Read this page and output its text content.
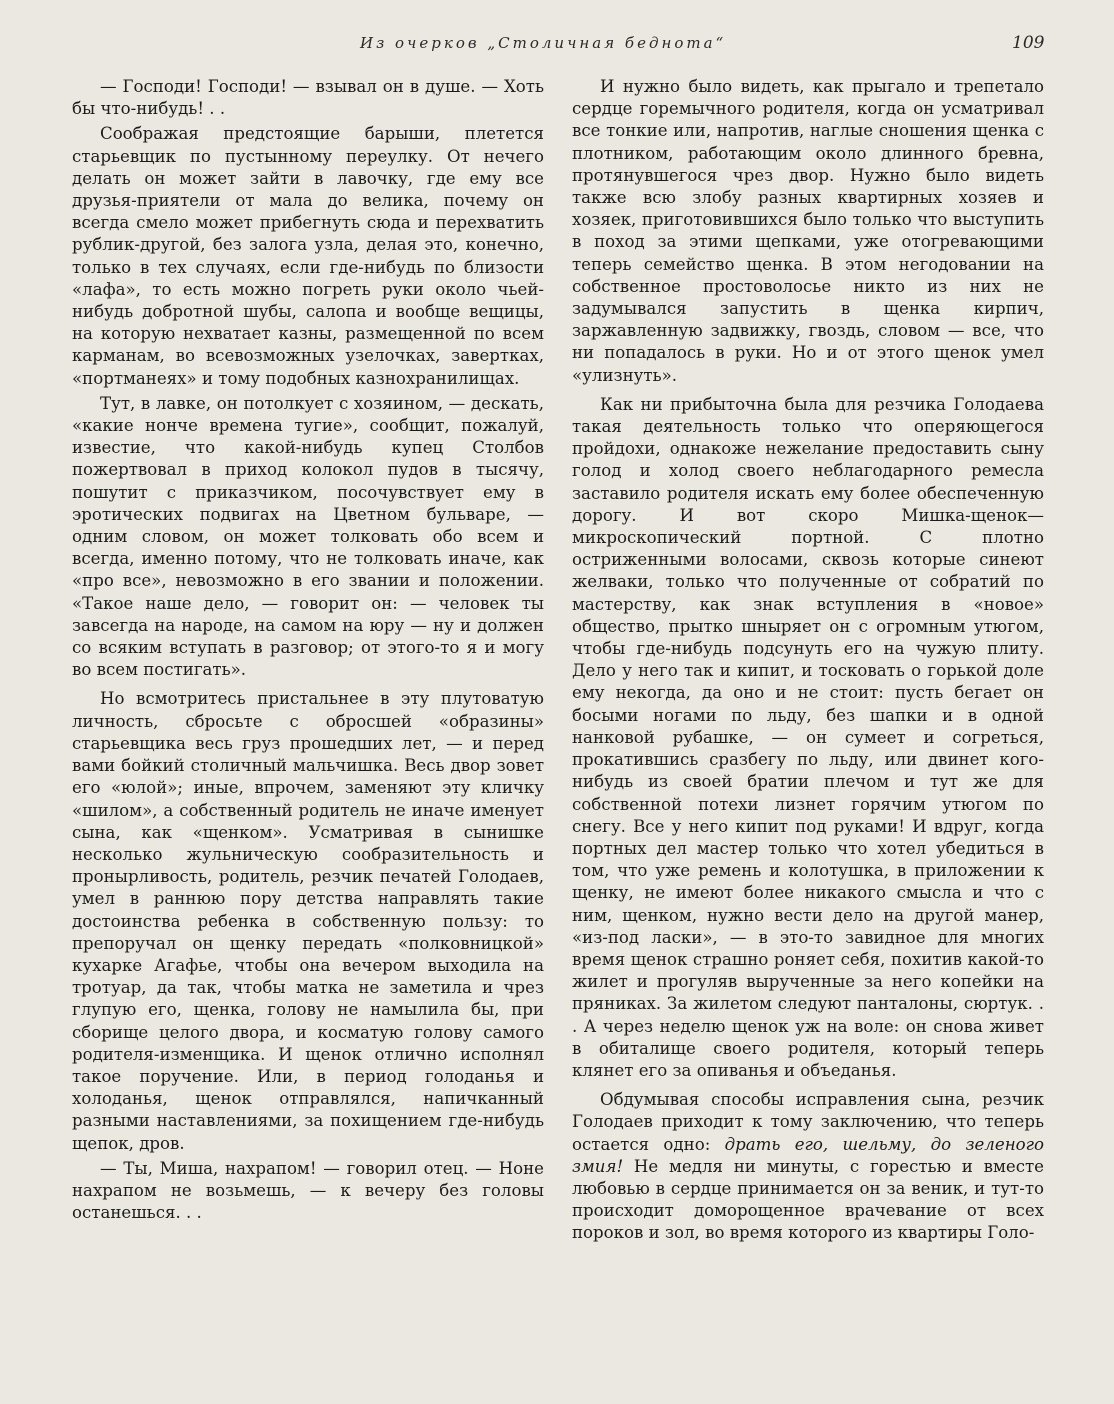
Из очерков „Столичная беднота“	109

— Господи! Господи! — взывал он в душе. — Хоть бы что-нибудь! . .

Соображая предстоящие барыши, плетется старьевщик по пустынному переулку. От нечего делать он может зайти в лавочку, где ему все друзья-приятели от мала до велика, почему он всегда смело может прибегнуть сюда и перехватить рублик-другой, без залога узла, делая это, конечно, только в тех случаях, если где-нибудь по близости «лафа», то есть можно погреть руки около чьей-нибудь добротной шубы, салопа и вообще вещицы, на которую нехватает казны, размещенной по всем карманам, во всевозможных узелочках, завертках, «портманеях» и тому подобных казнохранилищах.

Тут, в лавке, он потолкует с хозяином, — дескать, «какие нонче времена тугие», сообщит, пожалуй, известие, что какой-нибудь купец Столбов пожертвовал в приход колокол пудов в тысячу, пошутит с приказчиком, посочувствует ему в эротических подвигах на Цветном бульваре, — одним словом, он может толковать обо всем и всегда, именно потому, что не толковать иначе, как «про все», невозможно в его звании и положении. «Такое наше дело, — говорит он: — человек ты завсегда на народе, на самом на юру — ну и должен со всяким вступать в разговор; от этого-то я и могу во всем постигать».

Но всмотритесь пристальнее в эту плутоватую личность, сбросьте с обросшей «образины» старьевщика весь груз прошедших лет, — и перед вами бойкий столичный мальчишка. Весь двор зовет его «юлой»; иные, впрочем, заменяют эту кличку «шилом», а собственный родитель не иначе именует сына, как «щенком». Усматривая в сынишке несколько жульническую сообразительность и пронырливость, родитель, резчик печатей Голодаев, умел в раннюю пору детства направлять такие достоинства ребенка в собственную пользу: то препоручал он щенку передать «полковницкой» кухарке Агафье, чтобы она вечером выходила на тротуар, да так, чтобы матка не заметила и чрез глупую его, щенка, голову не намылила бы, при сборище целого двора, и косматую голову самого родителя-изменщика. И щенок отлично исполнял такое поручение. Или, в период голоданья и холоданья, щенок отправлялся, напичканный разными наставлениями, за похищением где-нибудь щепок, дров.

— Ты, Миша, нахрапом! — говорил отец. — Ноне нахрапом не возьмешь, — к вечеру без головы останешься. . .

И нужно было видеть, как прыгало и трепетало сердце горемычного родителя, когда он усматривал все тонкие или, напротив, наглые сношения щенка с плотником, работающим около длинного бревна, протянувшегося чрез двор. Нужно было видеть также всю злобу разных квартирных хозяев и хозяек, приготовившихся было только что выступить в поход за этими щепками, уже отогревающими теперь семейство щенка. В этом негодовании на собственное простоволосье никто из них не задумывался запустить в щенка кирпич, заржавленную задвижку, гвоздь, словом — все, что ни попадалось в руки. Но и от этого щенок умел «улизнуть».

Как ни прибыточна была для резчика Голодаева такая деятельность только что оперяющегося пройдохи, однакоже нежелание предоставить сыну голод и холод своего неблагодарного ремесла заставило родителя искать ему более обеспеченную дорогу. И вот скоро Мишка-щенок—микроскопический портной. С плотно остриженными волосами, сквозь которые синеют желваки, только что полученные от собратий по мастерству, как знак вступления в «новое» общество, прытко шныряет он с огромным утюгом, чтобы где-нибудь подсунуть его на чужую плиту. Дело у него так и кипит, и тосковать о горькой доле ему некогда, да оно и не стоит: пусть бегает он босыми ногами по льду, без шапки и в одной нанковой рубашке, — он сумеет и согреться, прокатившись сразбегу по льду, или двинет кого-нибудь из своей братии плечом и тут же для собственной потехи лизнет горячим утюгом по снегу. Все у него кипит под руками! И вдруг, когда портных дел мастер только что хотел убедиться в том, что уже ремень и колотушка, в приложении к щенку, не имеют более никакого смысла и что с ним, щенком, нужно вести дело на другой манер, «из-под ласки», — в это-то завидное для многих время щенок страшно роняет себя, похитив какой-то жилет и прогуляв вырученные за него копейки на пряниках. За жилетом следуют панталоны, сюртук. . . А через неделю щенок уж на воле: он снова живет в обиталище своего родителя, который теперь клянет его за опиванья и объеданья.

Обдумывая способы исправления сына, резчик Голодаев приходит к тому заключению, что теперь остается одно: драть его, шельму, до зеленого змия! Не медля ни минуты, с горестью и вместе любовью в сердце принимается он за веник, и тут-то происходит доморощенное врачевание от всех пороков и зол, во время которого из квартиры Голо-
